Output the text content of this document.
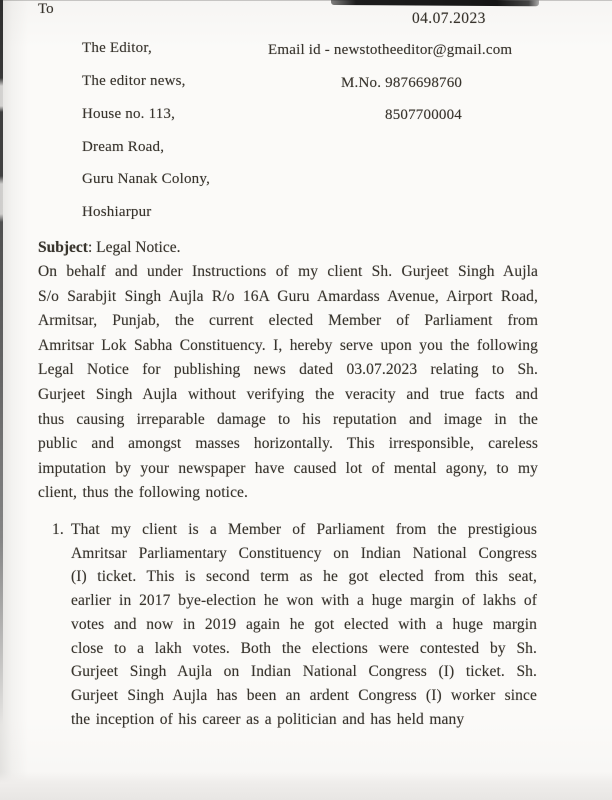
To
04.07.2023
The Editor,
The editor news,
House no. 113,
Dream Road,
Guru Nanak Colony,
Hoshiarpur
Email id - newstotheeditor@gmail.com
M.No. 9876698760
8507700004
Subject: Legal Notice.
On behalf and under Instructions of my client Sh. Gurjeet Singh Aujla
S/o Sarabjit Singh Aujla R/o 16A Guru Amardass Avenue, Airport Road,
Armitsar, Punjab, the current elected Member of Parliament from
Amritsar Lok Sabha Constituency. I, hereby serve upon you the following
Legal Notice for publishing news dated 03.07.2023 relating to Sh.
Gurjeet Singh Aujla without verifying the veracity and true facts and
thus causing irreparable damage to his reputation and image in the
public and amongst masses horizontally. This irresponsible, careless
imputation by your newspaper have caused lot of mental agony, to my
client, thus the following notice.
1. That my client is a Member of Parliament from the prestigious
Amritsar Parliamentary Constituency on Indian National Congress
(I) ticket. This is second term as he got elected from this seat,
earlier in 2017 bye-election he won with a huge margin of lakhs of
votes and now in 2019 again he got elected with a huge margin
close to a lakh votes. Both the elections were contested by Sh.
Gurjeet Singh Aujla on Indian National Congress (I) ticket. Sh.
Gurjeet Singh Aujla has been an ardent Congress (I) worker since
the inception of his career as a politician and has held many
